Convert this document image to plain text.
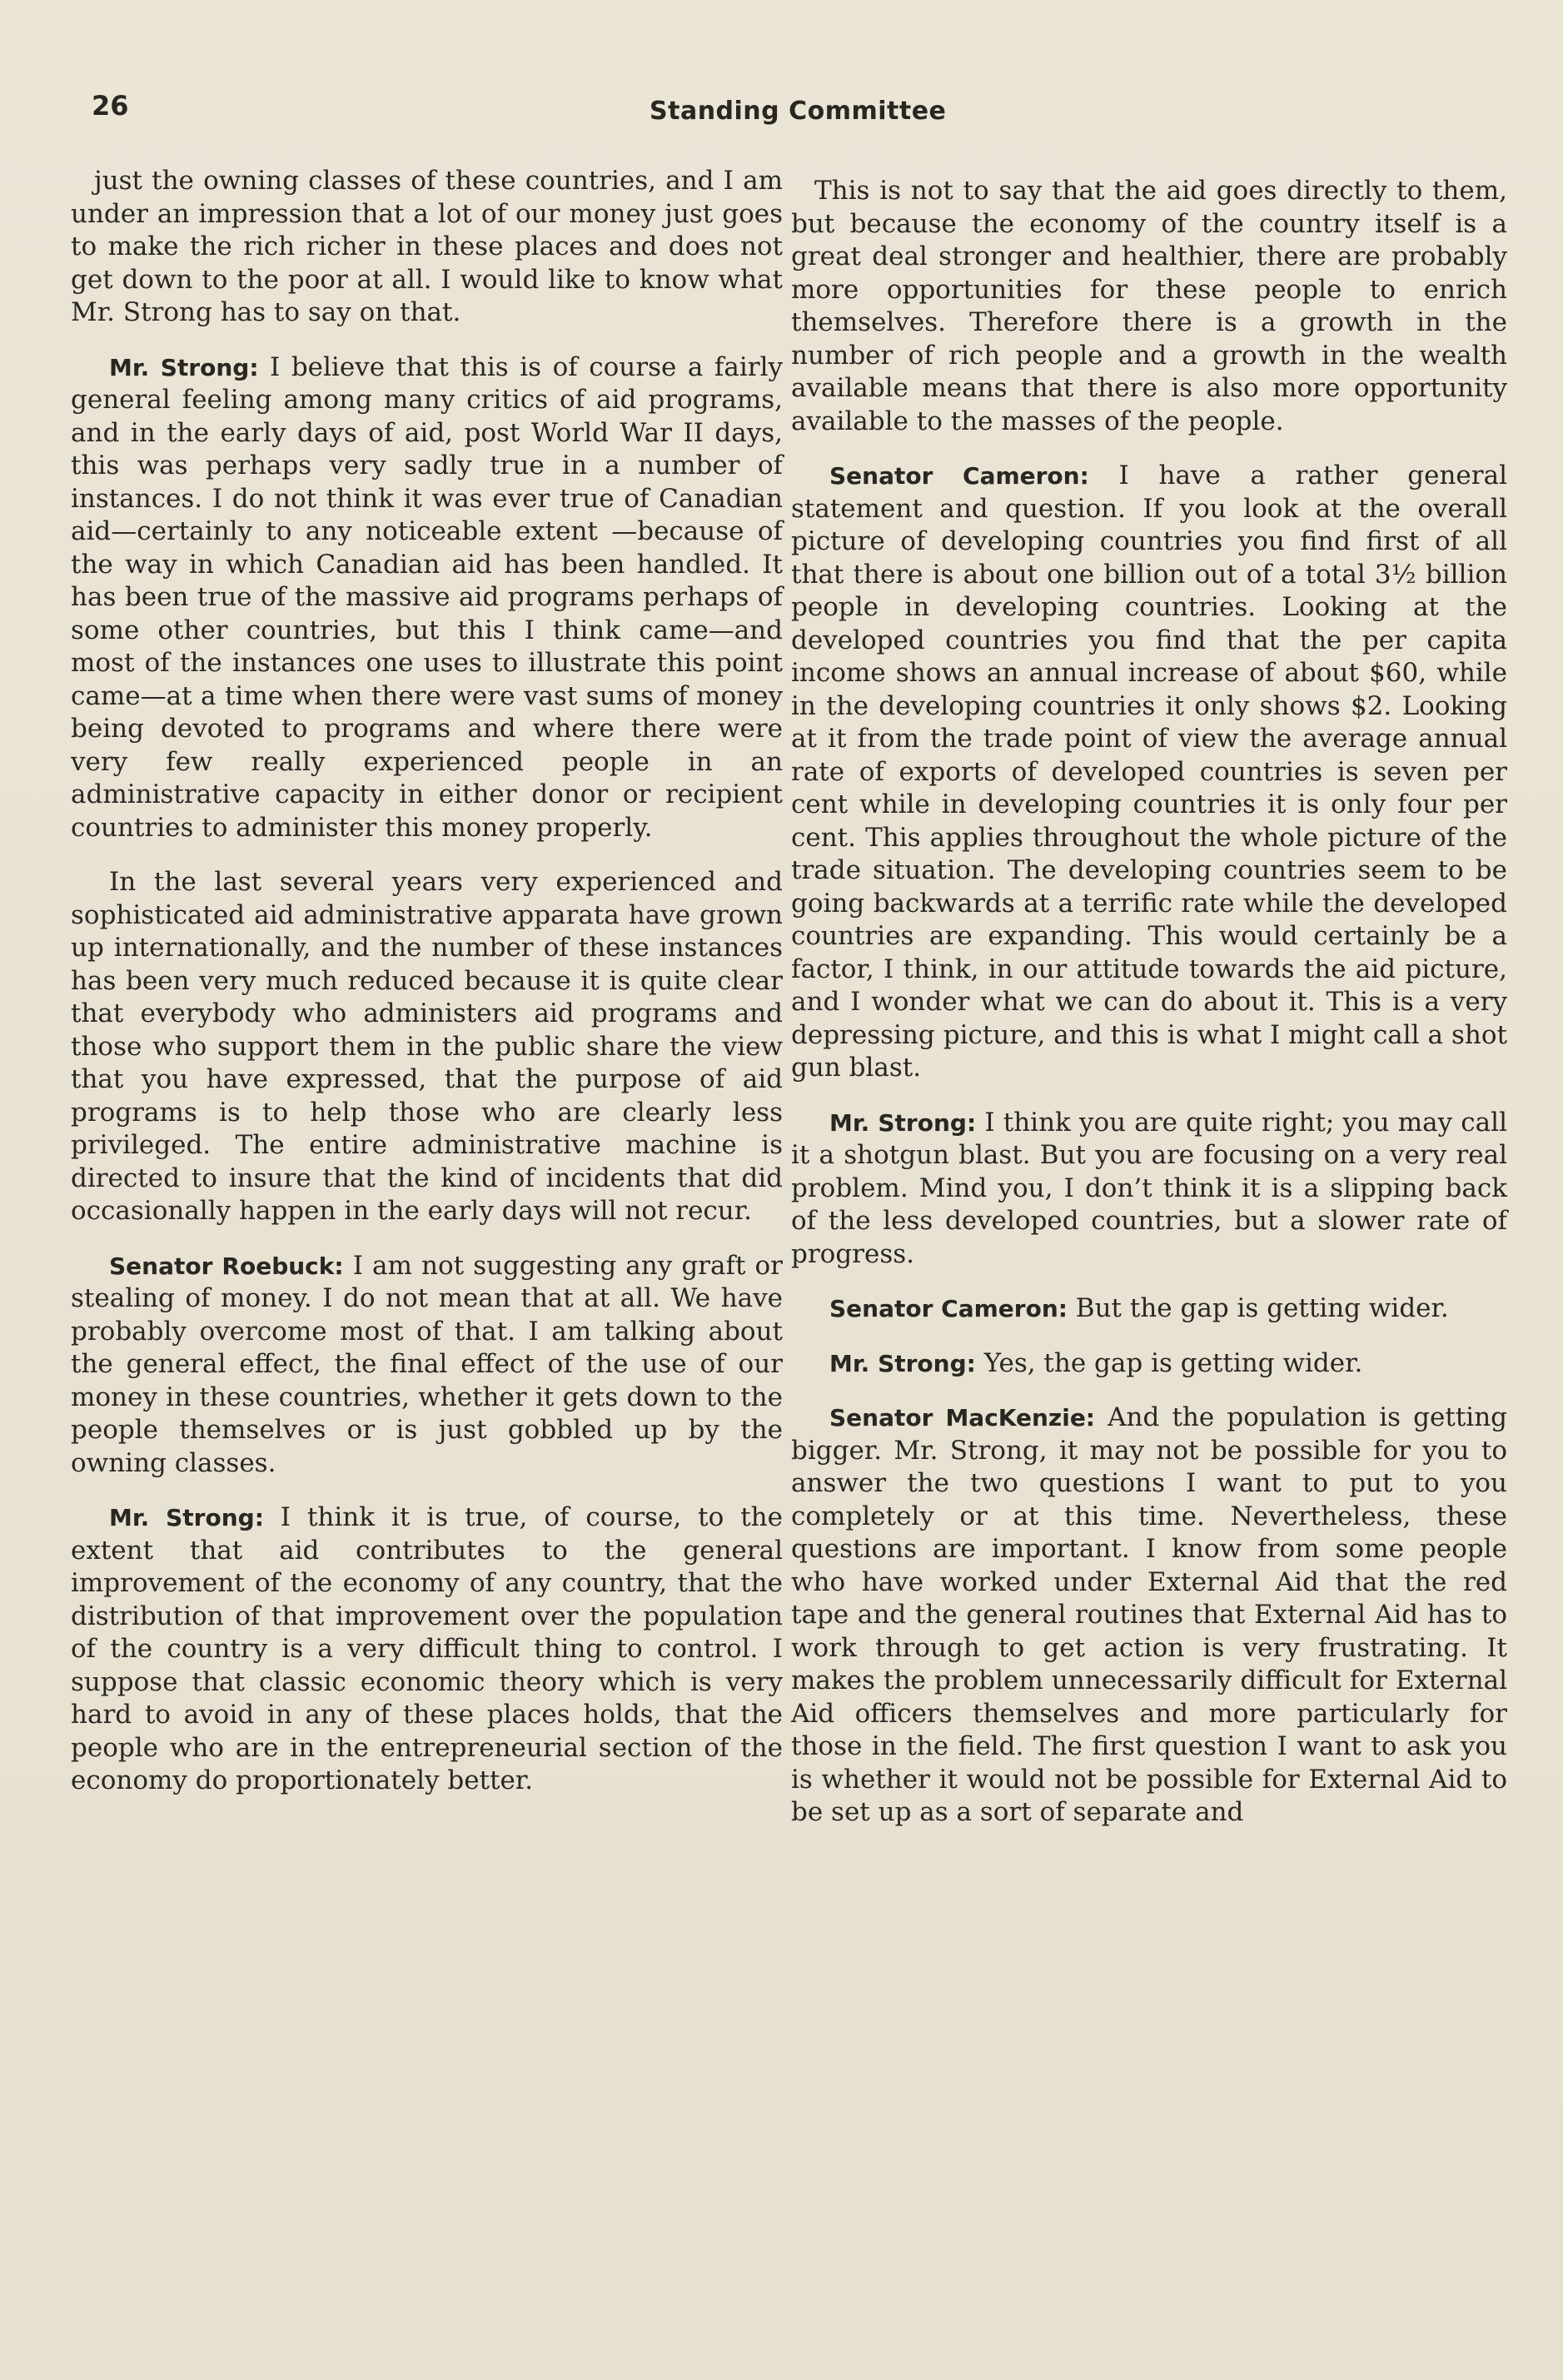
26	Standing Committee

just the owning classes of these countries, and I am under an impression that a lot of our money just goes to make the rich richer in these places and does not get down to the poor at all. I would like to know what Mr. Strong has to say on that.

Mr. Strong: I believe that this is of course a fairly general feeling among many critics of aid programs, and in the early days of aid, post World War II days, this was perhaps very sadly true in a number of instances. I do not think it was ever true of Canadian aid—certainly to any noticeable extent —because of the way in which Canadian aid has been handled. It has been true of the massive aid programs perhaps of some other countries, but this I think came—and most of the instances one uses to illustrate this point came—at a time when there were vast sums of money being devoted to programs and where there were very few really experienced people in an administrative capacity in either donor or recipient countries to administer this money properly.

In the last several years very experienced and sophisticated aid administrative apparata have grown up internationally, and the number of these instances has been very much reduced because it is quite clear that everybody who administers aid programs and those who support them in the public share the view that you have expressed, that the purpose of aid programs is to help those who are clearly less privileged. The entire administrative machine is directed to insure that the kind of incidents that did occasionally happen in the early days will not recur.

Senator Roebuck: I am not suggesting any graft or stealing of money. I do not mean that at all. We have probably overcome most of that. I am talking about the general effect, the final effect of the use of our money in these countries, whether it gets down to the people themselves or is just gobbled up by the owning classes.

Mr. Strong: I think it is true, of course, to the extent that aid contributes to the general improvement of the economy of any country, that the distribution of that improvement over the population of the country is a very difficult thing to control. I suppose that classic economic theory which is very hard to avoid in any of these places holds, that the people who are in the entrepreneurial section of the economy do proportionately better.

This is not to say that the aid goes directly to them, but because the economy of the country itself is a great deal stronger and healthier, there are probably more opportunities for these people to enrich themselves. Therefore there is a growth in the number of rich people and a growth in the wealth available means that there is also more opportunity available to the masses of the people.

Senator Cameron: I have a rather general statement and question. If you look at the overall picture of developing countries you find first of all that there is about one billion out of a total 3½ billion people in developing countries. Looking at the developed countries you find that the per capita income shows an annual increase of about $60, while in the developing countries it only shows $2. Looking at it from the trade point of view the average annual rate of exports of developed countries is seven per cent while in developing countries it is only four per cent. This applies throughout the whole picture of the trade situation. The developing countries seem to be going backwards at a terrific rate while the developed countries are expanding. This would certainly be a factor, I think, in our attitude towards the aid picture, and I wonder what we can do about it. This is a very depressing picture, and this is what I might call a shot gun blast.

Mr. Strong: I think you are quite right; you may call it a shotgun blast. But you are focusing on a very real problem. Mind you, I don’t think it is a slipping back of the less developed countries, but a slower rate of progress.

Senator Cameron: But the gap is getting wider.

Mr. Strong: Yes, the gap is getting wider.

Senator MacKenzie: And the population is getting bigger. Mr. Strong, it may not be possible for you to answer the two questions I want to put to you completely or at this time. Nevertheless, these questions are important. I know from some people who have worked under External Aid that the red tape and the general routines that External Aid has to work through to get action is very frustrating. It makes the problem unnecessarily difficult for External Aid officers themselves and more particularly for those in the field. The first question I want to ask you is whether it would not be possible for External Aid to be set up as a sort of separate and
